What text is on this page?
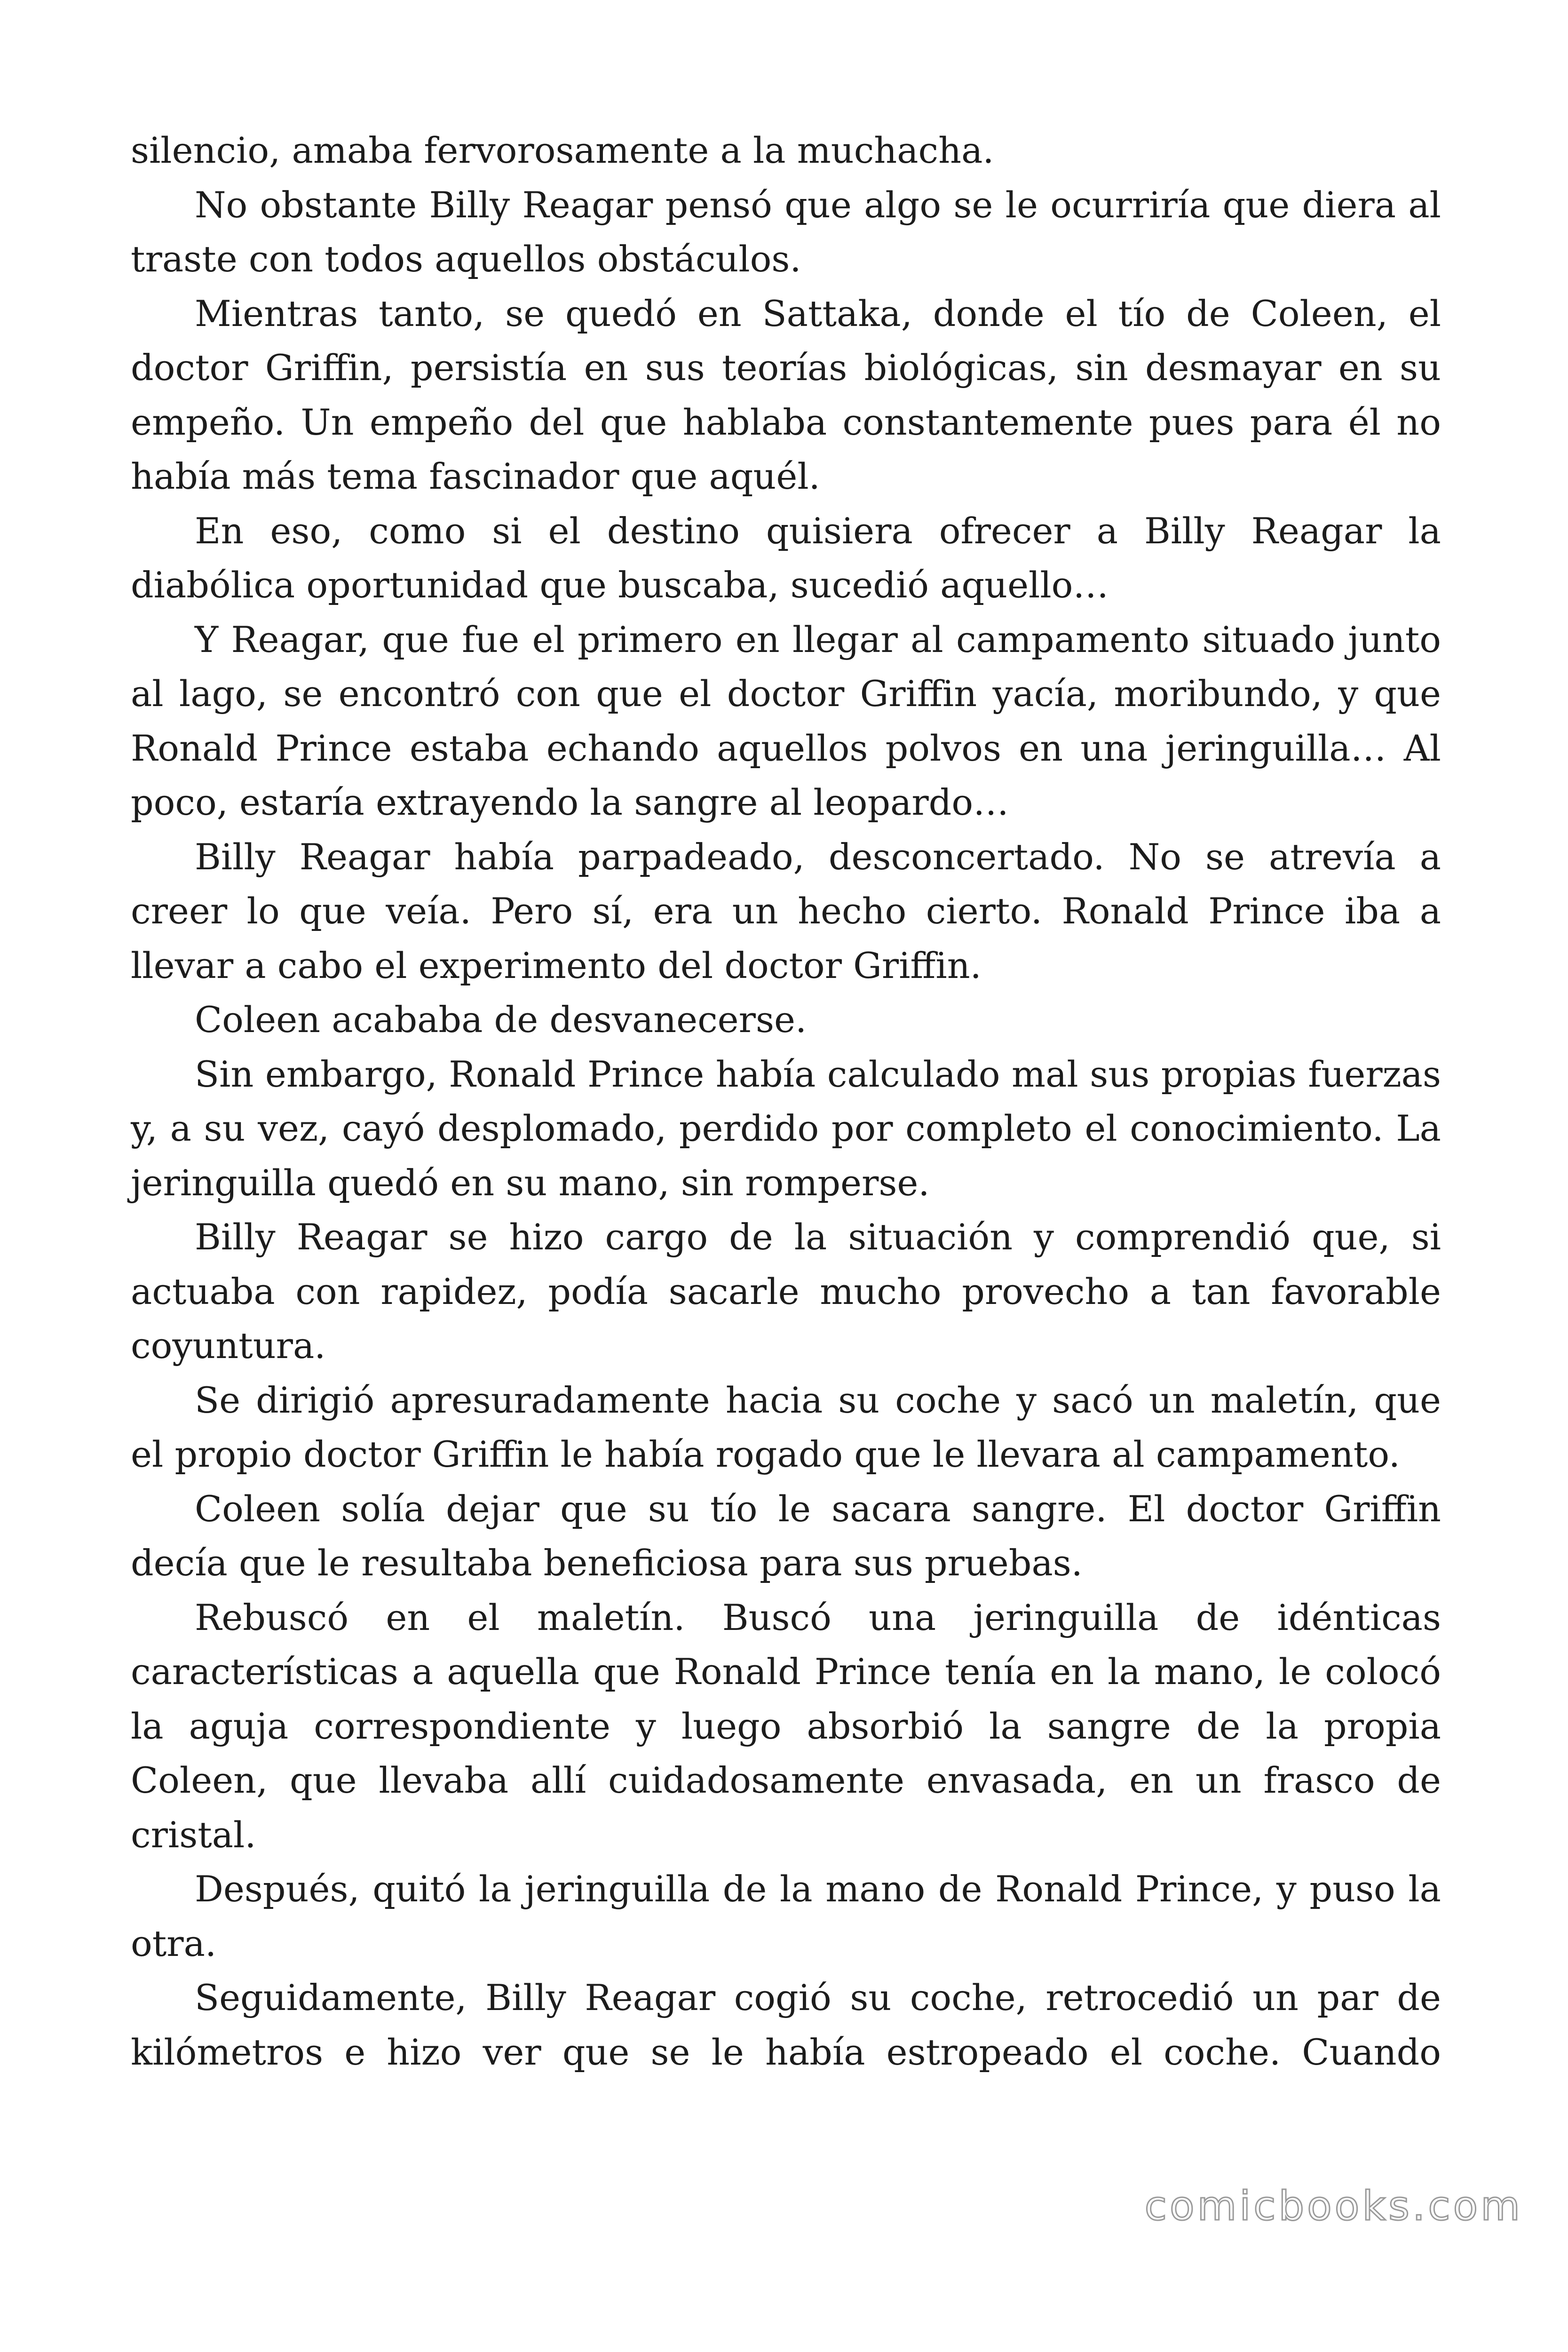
silencio, amaba fervorosamente a la muchacha.

No obstante Billy Reagar pensó que algo se le ocurriría que diera al traste con todos aquellos obstáculos.

Mientras tanto, se quedó en Sattaka, donde el tío de Coleen, el doctor Griffin, persistía en sus teorías biológicas, sin desmayar en su empeño. Un empeño del que hablaba constantemente pues para él no había más tema fascinador que aquél.

En eso, como si el destino quisiera ofrecer a Billy Reagar la diabólica oportunidad que buscaba, sucedió aquello…

Y Reagar, que fue el primero en llegar al campamento situado junto al lago, se encontró con que el doctor Griffin yacía, moribundo, y que Ronald Prince estaba echando aquellos polvos en una jeringuilla… Al poco, estaría extrayendo la sangre al leopardo…

Billy Reagar había parpadeado, desconcertado. No se atrevía a creer lo que veía. Pero sí, era un hecho cierto. Ronald Prince iba a llevar a cabo el experimento del doctor Griffin.

Coleen acababa de desvanecerse.

Sin embargo, Ronald Prince había calculado mal sus propias fuerzas y, a su vez, cayó desplomado, perdido por completo el conocimiento. La jeringuilla quedó en su mano, sin romperse.

Billy Reagar se hizo cargo de la situación y comprendió que, si actuaba con rapidez, podía sacarle mucho provecho a tan favorable coyuntura.

Se dirigió apresuradamente hacia su coche y sacó un maletín, que el propio doctor Griffin le había rogado que le llevara al campamento.

Coleen solía dejar que su tío le sacara sangre. El doctor Griffin decía que le resultaba beneficiosa para sus pruebas.

Rebuscó en el maletín. Buscó una jeringuilla de idénticas características a aquella que Ronald Prince tenía en la mano, le colocó la aguja correspondiente y luego absorbió la sangre de la propia Coleen, que llevaba allí cuidadosamente envasada, en un frasco de cristal.

Después, quitó la jeringuilla de la mano de Ronald Prince, y puso la otra.

Seguidamente, Billy Reagar cogió su coche, retrocedió un par de kilómetros e hizo ver que se le había estropeado el coche. Cuando

comicbooks.com
